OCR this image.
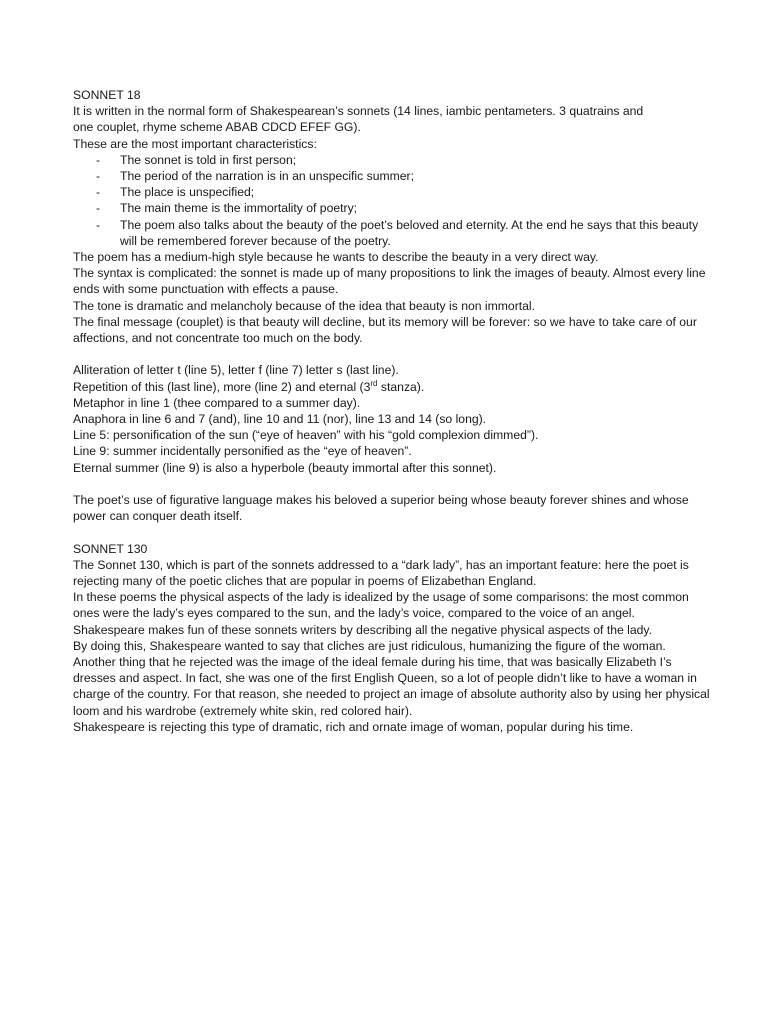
SONNET 18
It is written in the normal form of Shakespearean’s sonnets (14 lines, iambic pentameters. 3 quatrains and
one couplet, rhyme scheme ABAB CDCD EFEF GG).
These are the most important characteristics:
- The sonnet is told in first person;
- The period of the narration is in an unspecific summer;
- The place is unspecified;
- The main theme is the immortality of poetry;
- The poem also talks about the beauty of the poet’s beloved and eternity. At the end he says that this beauty will be remembered forever because of the poetry.
The poem has a medium-high style because he wants to describe the beauty in a very direct way.
The syntax is complicated: the sonnet is made up of many propositions to link the images of beauty. Almost every line ends with some punctuation with effects a pause.
The tone is dramatic and melancholy because of the idea that beauty is non immortal.
The final message (couplet) is that beauty will decline, but its memory will be forever: so we have to take care of our affections, and not concentrate too much on the body.
Alliteration of letter t (line 5), letter f (line 7) letter s (last line).
Repetition of this (last line), more (line 2) and eternal (3rd stanza).
Metaphor in line 1 (thee compared to a summer day).
Anaphora in line 6 and 7 (and), line 10 and 11 (nor), line 13 and 14 (so long).
Line 5: personification of the sun (“eye of heaven” with his “gold complexion dimmed”).
Line 9: summer incidentally personified as the “eye of heaven”.
Eternal summer (line 9) is also a hyperbole (beauty immortal after this sonnet).
The poet’s use of figurative language makes his beloved a superior being whose beauty forever shines and whose power can conquer death itself.
SONNET 130
The Sonnet 130, which is part of the sonnets addressed to a “dark lady”, has an important feature: here the poet is rejecting many of the poetic cliches that are popular in poems of Elizabethan England.
In these poems the physical aspects of the lady is idealized by the usage of some comparisons: the most common ones were the lady’s eyes compared to the sun, and the lady’s voice, compared to the voice of an angel.
Shakespeare makes fun of these sonnets writers by describing all the negative physical aspects of the lady.
By doing this, Shakespeare wanted to say that cliches are just ridiculous, humanizing the figure of the woman.
Another thing that he rejected was the image of the ideal female during his time, that was basically Elizabeth I’s dresses and aspect. In fact, she was one of the first English Queen, so a lot of people didn’t like to have a woman in charge of the country. For that reason, she needed to project an image of absolute authority also by using her physical loom and his wardrobe (extremely white skin, red colored hair).
Shakespeare is rejecting this type of dramatic, rich and ornate image of woman, popular during his time.
